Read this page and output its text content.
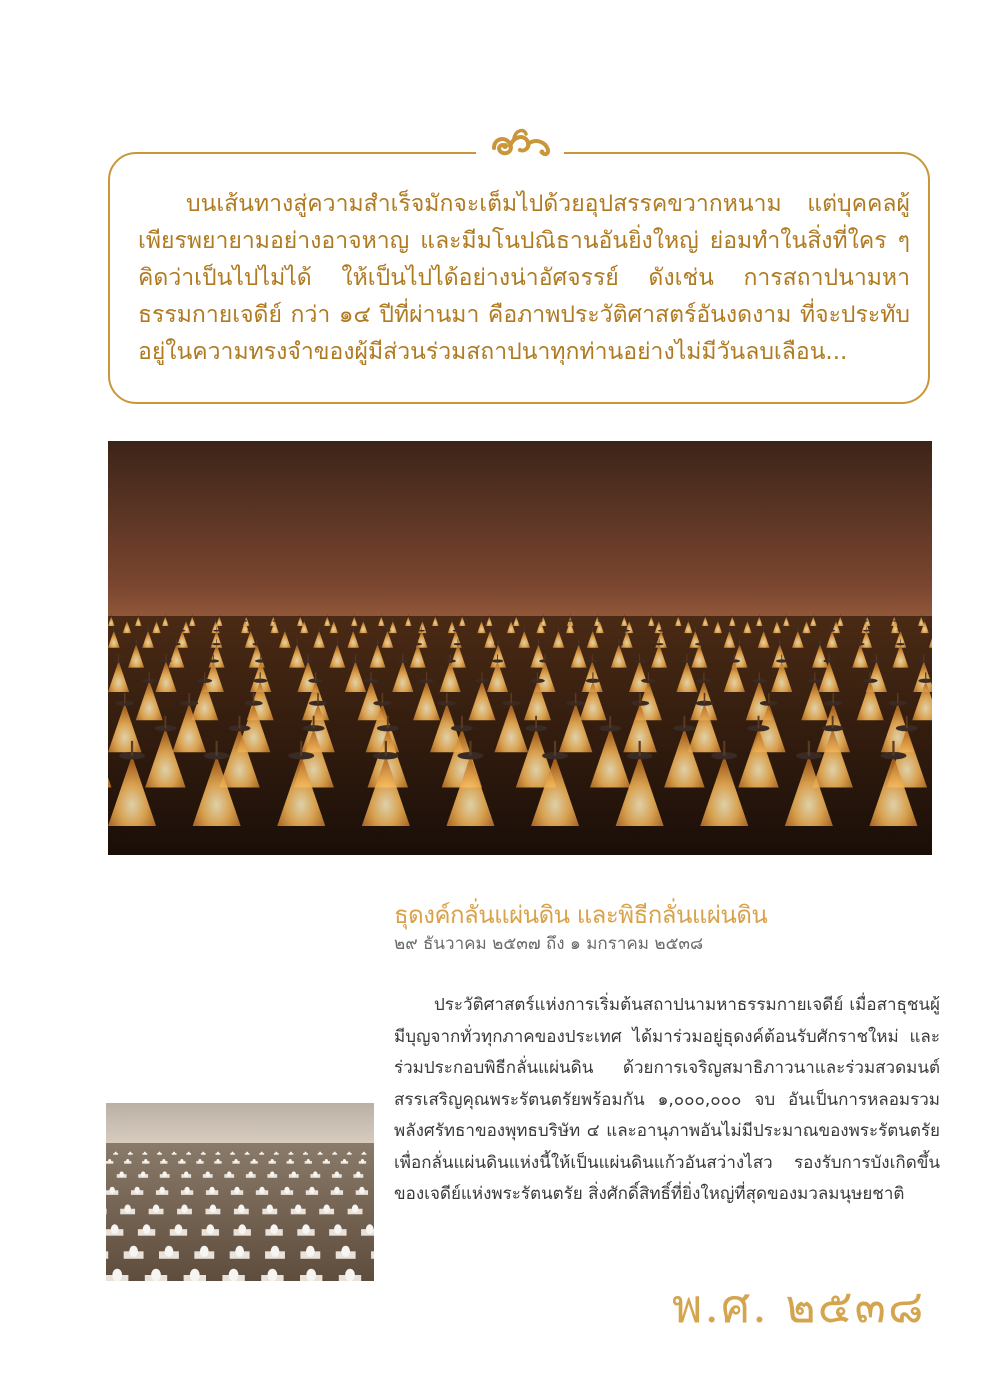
บนเส้นทางสู่ความสำเร็จมักจะเต็มไปด้วยอุปสรรคขวากหนาม แต่บุคคลผู้เพียรพยายามอย่างอาจหาญ และมีมโนปณิธานอันยิ่งใหญ่ ย่อมทำในสิ่งที่ใคร ๆ คิดว่าเป็นไปไม่ได้ ให้เป็นไปได้อย่างน่าอัศจรรย์ ดังเช่น การสถาปนามหาธรรมกายเจดีย์ กว่า ๑๔ ปีที่ผ่านมา คือภาพประวัติศาสตร์อันงดงาม ที่จะประทับอยู่ในความทรงจำของผู้มีส่วนร่วมสถาปนาทุกท่านอย่างไม่มีวันลบเลือน...
ธุดงค์กลั่นแผ่นดิน และพิธีกลั่นแผ่นดิน
๒๙ ธันวาคม ๒๕๓๗ ถึง ๑ มกราคม ๒๕๓๘
ประวัติศาสตร์แห่งการเริ่มต้นสถาปนามหาธรรมกายเจดีย์ เมื่อสาธุชนผู้มีบุญจากทั่วทุกภาคของประเทศ ได้มาร่วมอยู่ธุดงค์ต้อนรับศักราชใหม่ และร่วมประกอบพิธีกลั่นแผ่นดิน ด้วยการเจริญสมาธิภาวนาและร่วมสวดมนต์สรรเสริญคุณพระรัตนตรัยพร้อมกัน ๑,๐๐๐,๐๐๐ จบ อันเป็นการหลอมรวมพลังศรัทธาของพุทธบริษัท ๔ และอานุภาพอันไม่มีประมาณของพระรัตนตรัย เพื่อกลั่นแผ่นดินแห่งนี้ให้เป็นแผ่นดินแก้วอันสว่างไสว รองรับการบังเกิดขึ้นของเจดีย์แห่งพระรัตนตรัย สิ่งศักดิ์สิทธิ์ที่ยิ่งใหญ่ที่สุดของมวลมนุษยชาติ
พ.ศ. ๒๕๓๘
